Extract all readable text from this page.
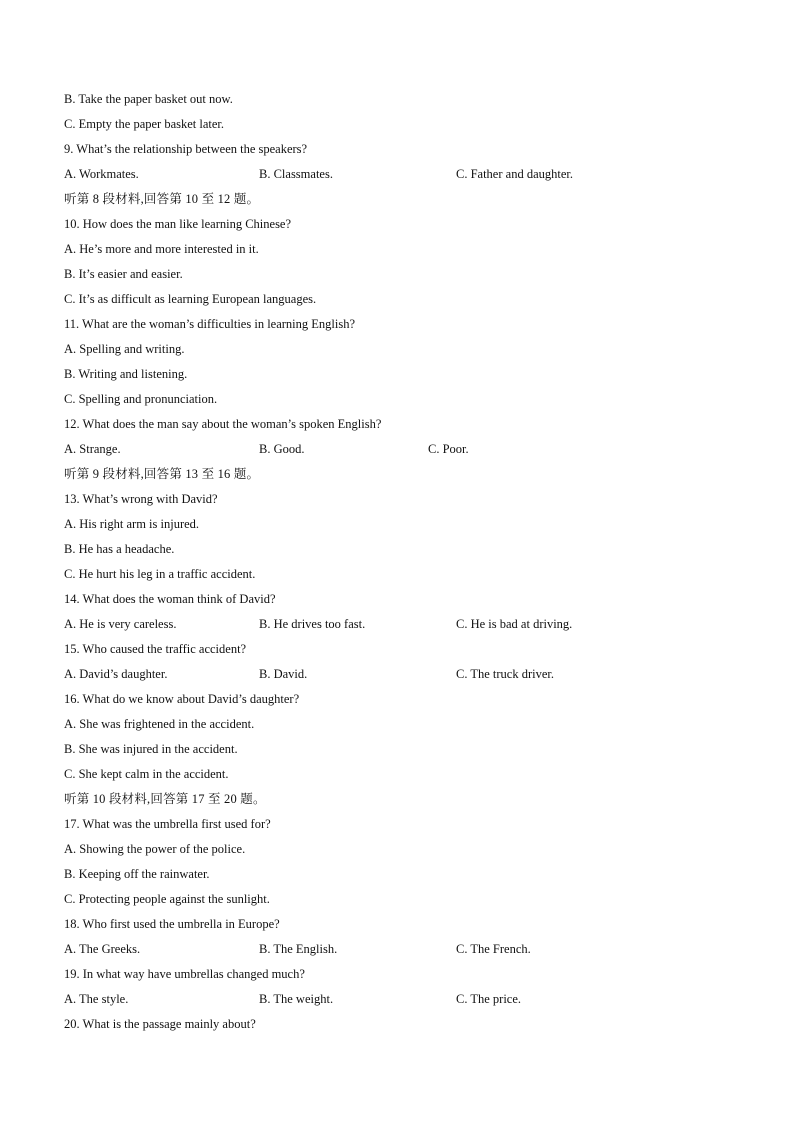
B. Take the paper basket out now.
C. Empty the paper basket later.
9. What’s the relationship between the speakers?
A. Workmates.	B. Classmates.	C. Father and daughter.
听第 8 段材料,回答第 10 至 12 题。
10. How does the man like learning Chinese?
A. He’s more and more interested in it.
B. It’s easier and easier.
C. It’s as difficult as learning European languages.
11. What are the woman’s difficulties in learning English?
A. Spelling and writing.
B. Writing and listening.
C. Spelling and pronunciation.
12. What does the man say about the woman’s spoken English?
A. Strange.	B. Good.	C. Poor.
听第 9 段材料,回答第 13 至 16 题。
13. What’s wrong with David?
A. His right arm is injured.
B. He has a headache.
C. He hurt his leg in a traffic accident.
14. What does the woman think of David?
A. He is very careless.	B. He drives too fast.	C. He is bad at driving.
15. Who caused the traffic accident?
A. David’s daughter.	B. David.	C. The truck driver.
16. What do we know about David’s daughter?
A. She was frightened in the accident.
B. She was injured in the accident.
C. She kept calm in the accident.
听第 10 段材料,回答第 17 至 20 题。
17. What was the umbrella first used for?
A. Showing the power of the police.
B. Keeping off the rainwater.
C. Protecting people against the sunlight.
18. Who first used the umbrella in Europe?
A. The Greeks.	B. The English.	C. The French.
19. In what way have umbrellas changed much?
A. The style.	B. The weight.	C. The price.
20. What is the passage mainly about?
